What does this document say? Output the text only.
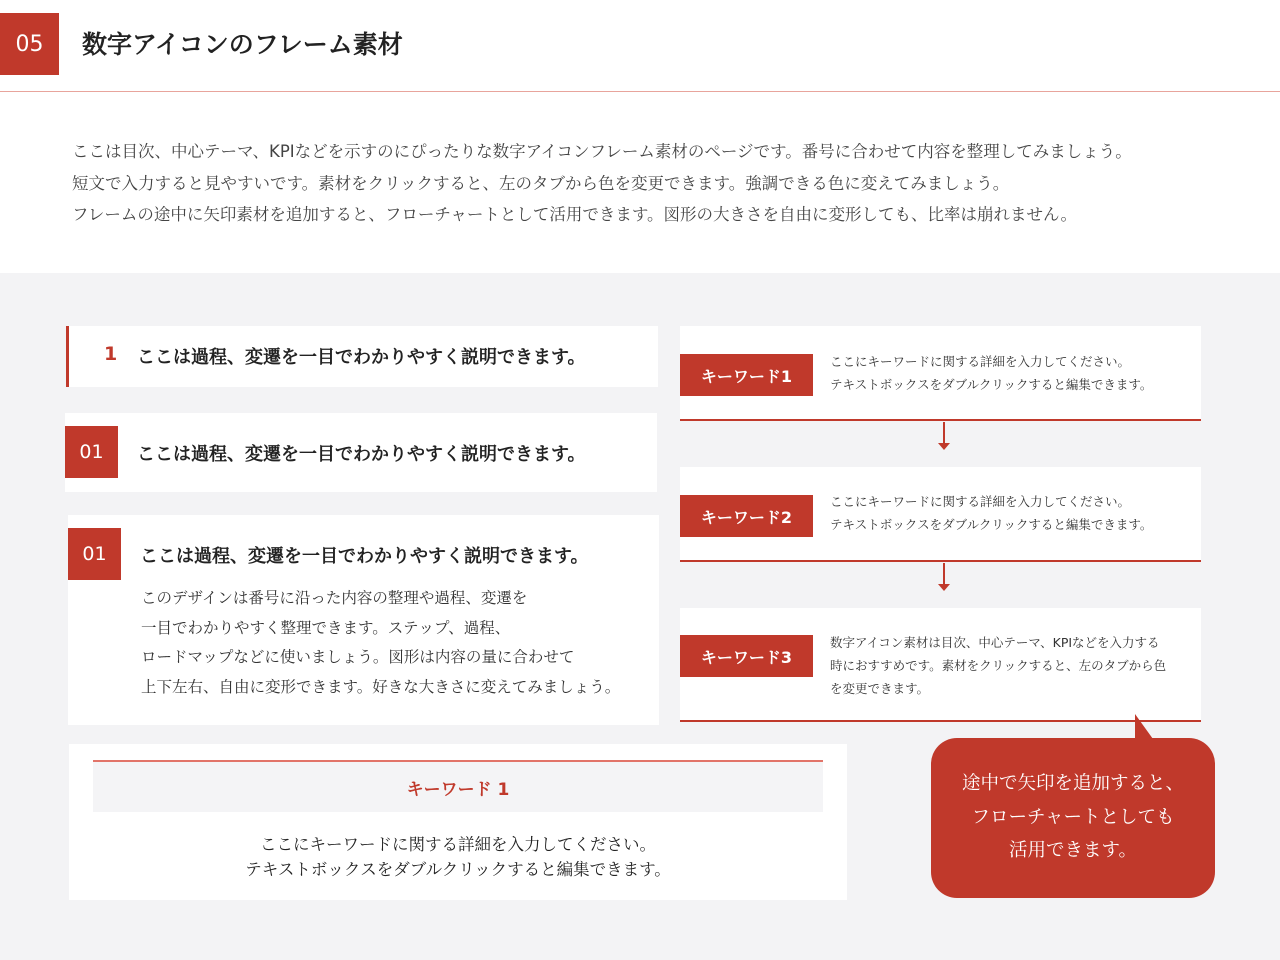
05	数字アイコンのフレーム素材

ここは目次、中心テーマ、KPIなどを示すのにぴったりな数字アイコンフレーム素材のページです。番号に合わせて内容を整理してみましょう。

短文で入力すると見やすいです。素材をクリックすると、左のタブから色を変更できます。強調できる色に変えてみましょう。

フレームの途中に矢印素材を追加すると、フローチャートとして活用できます。図形の大きさを自由に変形しても、比率は崩れません。

1 ここは過程、変遷を一目でわかりやすく説明できます。
01	ここは過程、変遷を一目でわかりやすく説明できます。
01	ここは過程、変遷を一目でわかりやすく説明できます。

このデザインは番号に沿った内容の整理や過程、変遷を

一目でわかりやすく整理できます。ステップ、過程、

ロードマップなどに使いましょう。図形は内容の量に合わせて

上下左右、自由に変形できます。好きな大きさに変えてみましょう。

キーワード 1
ここにキーワードに関する詳細を入力してください。
テキストボックスをダブルクリックすると編集できます。
キーワード1

ここにキーワードに関する詳細を入力してください。

テキストボックスをダブルクリックすると編集できます。

キーワード2

ここにキーワードに関する詳細を入力してください。

テキストボックスをダブルクリックすると編集できます。

キーワード3

数字アイコン素材は目次、中心テーマ、KPIなどを入力する

時におすすめです。素材をクリックすると、左のタブから色

を変更できます。

途中で矢印を追加すると、

フローチャートとしても

活用できます。
